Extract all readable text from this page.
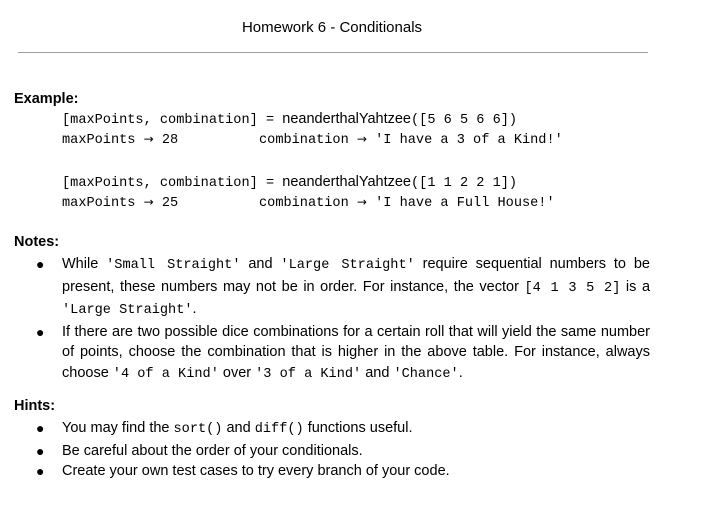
Homework 6 - Conditionals
Example:
[maxPoints, combination] = neanderthalYahtzee([5 6 5 6 6])
maxPoints → 28	combination → 'I have a 3 of a Kind!'
[maxPoints, combination] = neanderthalYahtzee([1 1 2 2 1])
maxPoints → 25	combination → 'I have a Full House!'
Notes:
● While 'Small Straight' and 'Large Straight' require sequential numbers to be present, these numbers may not be in order. For instance, the vector [4 1 3 5 2] is a 'Large Straight'.
● If there are two possible dice combinations for a certain roll that will yield the same number of points, choose the combination that is higher in the above table. For instance, always choose '4 of a Kind' over '3 of a Kind' and 'Chance'.
Hints:
● You may find the sort() and diff() functions useful.
● Be careful about the order of your conditionals.
● Create your own test cases to try every branch of your code.
